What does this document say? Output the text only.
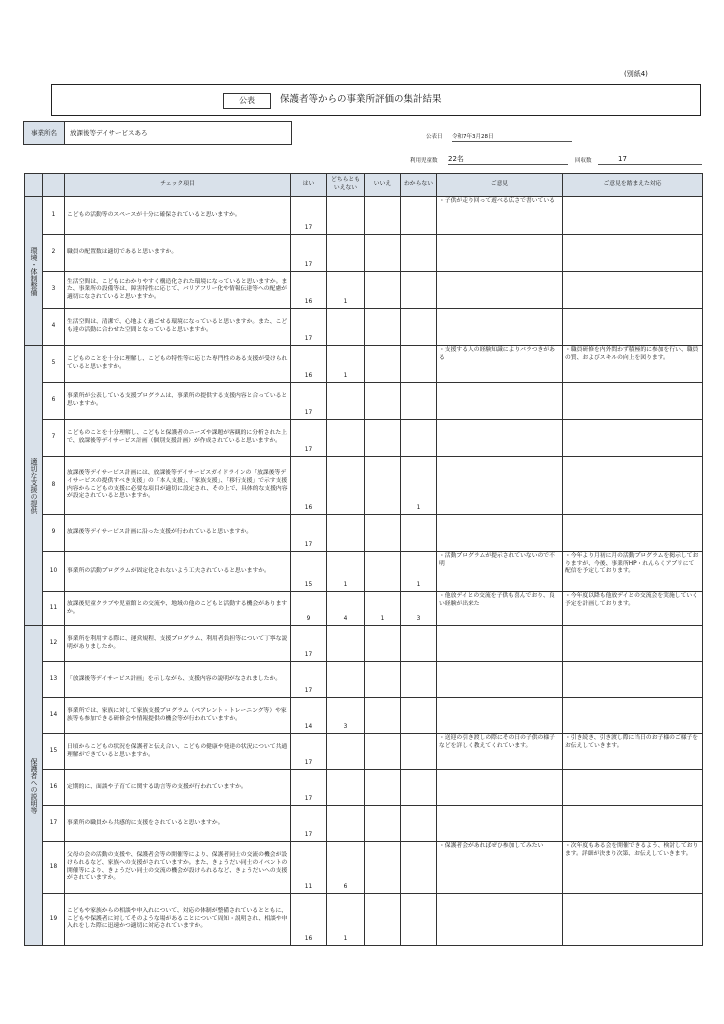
(別紙4)
公表	保護者等からの事業所評価の集計結果
事業所名	放課後等デイサービスあろ	公表日 令和7年3月28日
利用児童数 22名	回収数	17
		チェック項目	はい	どちらともいえない	いいえ	わからない	ご意見	ご意見を踏まえた対応

環境・体制整備	1	こどもの活動等のスペースが十分に確保されていると思いますか。	17				・子供が走り回って遊べる広さで書いている	
	2	職員の配置数は適切であると思いますか。	17					
	3	生活空間は、こどもにわかりやすく構造化された環境になっていると思いますか。また、事業所の設備等は、障害特性に応じて、バリアフリー化や情報伝達等への配慮が適切になされていると思いますか。	16	1				
	4	生活空間は、清潔で、心地よく過ごせる環境になっていると思いますか。また、こども達の活動に合わせた空間となっていると思いますか。	17					

適切な支援の提供	5	こどものことを十分に理解し、こどもの特性等に応じた専門性のある支援が受けられていると思いますか。	16	1			・支援する人の経験知識によりバラつきがある	・職員研修を内外問わず積極的に参加を行い、職員の質、およびスキルの向上を図ります。
	6	事業所が公表している支援プログラムは、事業所の提供する支援内容と合っていると思いますか。	17					
	7	こどものことを十分理解し、こどもと保護者のニーズや課題が客観的に分析された上で、放課後等デイサービス計画（個別支援計画）が作成されていると思いますか。	17					
	8	放課後等デイサービス計画には、放課後等デイサービスガイドラインの「放課後等デイサービスの提供すべき支援」の「本人支援」、「家族支援」、「移行支援」で示す支援内容からこどもの支援に必要な項目が適切に設定され、その上で、具体的な支援内容が設定されていると思いますか。	16			1		
	9	放課後等デイサービス計画に沿った支援が行われていると思いますか。	17					
	10	事業所の活動プログラムが固定化されないよう工夫されていると思いますか。	15	1		1	・活動プログラムが提示されていないので不明	・今年より月初に月の活動プログラムを掲示しておりますが、今後、事業所HP・れんらくアプリにて配信を予定しております。
	11	放課後児童クラブや児童館との交流や、地域の他のこどもと活動する機会がありますか。	9	4	1	3	・他放デイとの交流を子供も喜んでおり、良い経験が出来た	・今年度以降も他放デイとの交流会を実施していく予定を計画しております。

保護者への説明等	12	事業所を利用する際に、運営規程、支援プログラム、利用者負担等について丁寧な説明がありましたか。	17					
	13	「放課後等デイサービス計画」を示しながら、支援内容の説明がなされましたか。	17					
	14	事業所では、家族に対して家族支援プログラム（ペアレント・トレーニング等）や家族等も参加できる研修会や情報提供の機会等が行われていますか。	14	3				
	15	日頃からこどもの状況を保護者と伝え合い、こどもの健康や発達の状況について共通理解ができていると思いますか。	17				・送迎の引き渡しの際にその日の子供の様子などを詳しく教えてくれています。	・引き続き、引き渡し際に当日のお子様のご様子をお伝えしていきます。
	16	定期的に、面談や子育てに関する助言等の支援が行われていますか。	17					
	17	事業所の職員から共感的に支援をされていると思いますか。	17					
	18	父母の会の活動の支援や、保護者会等の開催等により、保護者同士の交流の機会が設けられるなど、家族への支援がされていますか。また、きょうだい同士のイベントの開催等により、きょうだい同士の交流の機会が設けられるなど、きょうだいへの支援がされていますか。	11	6			・保護者会があればぜひ参加してみたい	・次年度もある会を開催できるよう、検討しております。詳細が決まり次第、お伝えしていきます。
	19	こどもや家族からの相談や申入れについて、対応の体制が整備されているとともに、こどもや保護者に対してそのような場があることについて周知・説明され、相談や申入れをした際に迅速かつ適切に対応されていますか。	16	1				
